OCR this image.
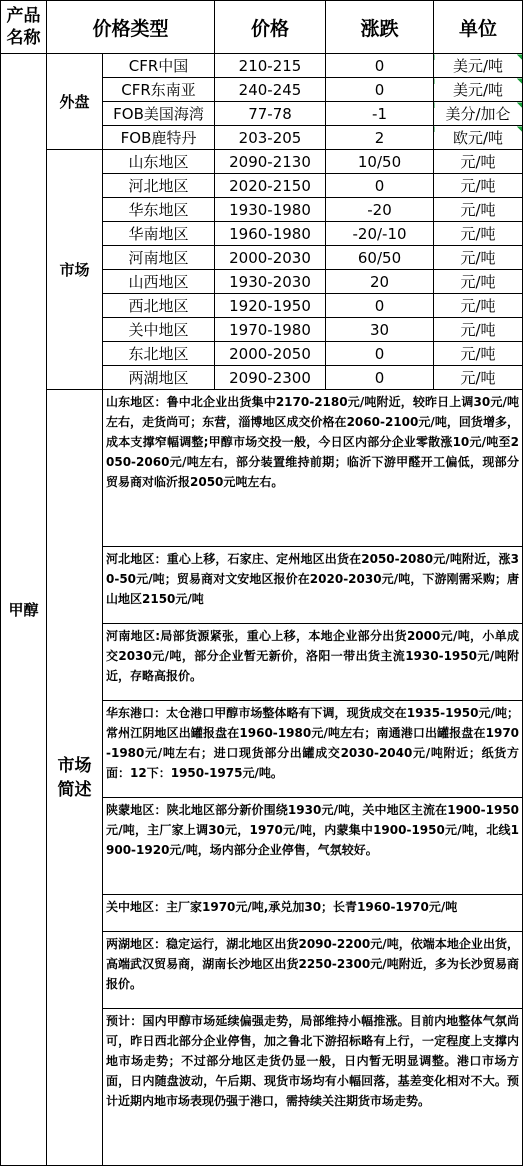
产品名称	价格类型		价格	涨跌	单位
甲醇	外盘	CFR中国	210-215	0	美元/吨
		CFR东南亚	240-245	0	美元/吨
		FOB美国海湾	77-78	-1	美分/加仑
		FOB鹿特丹	203-205	2	欧元/吨
	市场	山东地区	2090-2130	10/50	元/吨
		河北地区	2020-2150	0	元/吨
		华东地区	1930-1980	-20	元/吨
		华南地区	1960-1980	-20/-10	元/吨
		河南地区	2000-2030	60/50	元/吨
		山西地区	1930-2030	20	元/吨
		西北地区	1920-1950	0	元/吨
		关中地区	1970-1980	30	元/吨
		东北地区	2000-2050	0	元/吨
		两湖地区	2090-2300	0	元/吨
	市场
简述	山东地区：鲁中北企业出货集中2170-2180元/吨附近，较昨日上调30元/吨左右，走货尚可；东营，淄博地区成交价格在2060-2100元/吨，回货增多，成本支撑窄幅调整;甲醇市场交投一般，今日区内部分企业零散涨10元/吨至2050-2060元/吨左右，部分装置维持前期；临沂下游甲醛开工偏低，现部分贸易商对临沂报2050元吨左右。			
		河北地区：重心上移，石家庄、定州地区出货在2050-2080元/吨附近，涨30-50元/吨；贸易商对文安地区报价在2020-2030元/吨，下游刚需采购；唐山地区2150元/吨			
		河南地区:局部货源紧张，重心上移，本地企业部分出货2000元/吨，小单成交2030元/吨，部分企业暂无新价，洛阳一带出货主流1930-1950元/吨附近，存略高报价。			
		华东港口：太仓港口甲醇市场整体略有下调，现货成交在1935-1950元/吨；常州江阴地区出罐报盘在1960-1980元/吨左右；南通港口出罐报盘在1970-1980元/吨左右；进口现货部分出罐成交2030-2040元/吨附近；纸货方面：12下：1950-1975元/吨。			
		陕蒙地区：陕北地区部分新价围绕1930元/吨，关中地区主流在1900-1950元/吨，主厂家上调30元，1970元/吨，内蒙集中1900-1950元/吨，北线1900-1920元/吨，场内部分企业停售，气氛较好。			
		关中地区：主厂家1970元/吨,承兑加30；长青1960-1970元/吨			
		两湖地区：稳定运行，湖北地区出货2090-2200元/吨，依端本地企业出货，高端武汉贸易商，湖南长沙地区出货2250-2300元/吨附近，多为长沙贸易商报价。			
		预计：国内甲醇市场延续偏强走势，局部维持小幅推涨。目前内地整体气氛尚可，昨日西北部分企业停售，加之鲁北下游招标略有上行，一定程度上支撑内地市场走势；不过部分地区走货仍显一般，日内暂无明显调整。港口市场方面，日内随盘波动，午后期、现货市场均有小幅回落，基差变化相对不大。预计近期内地市场表现仍强于港口，需持续关注期货市场走势。			
